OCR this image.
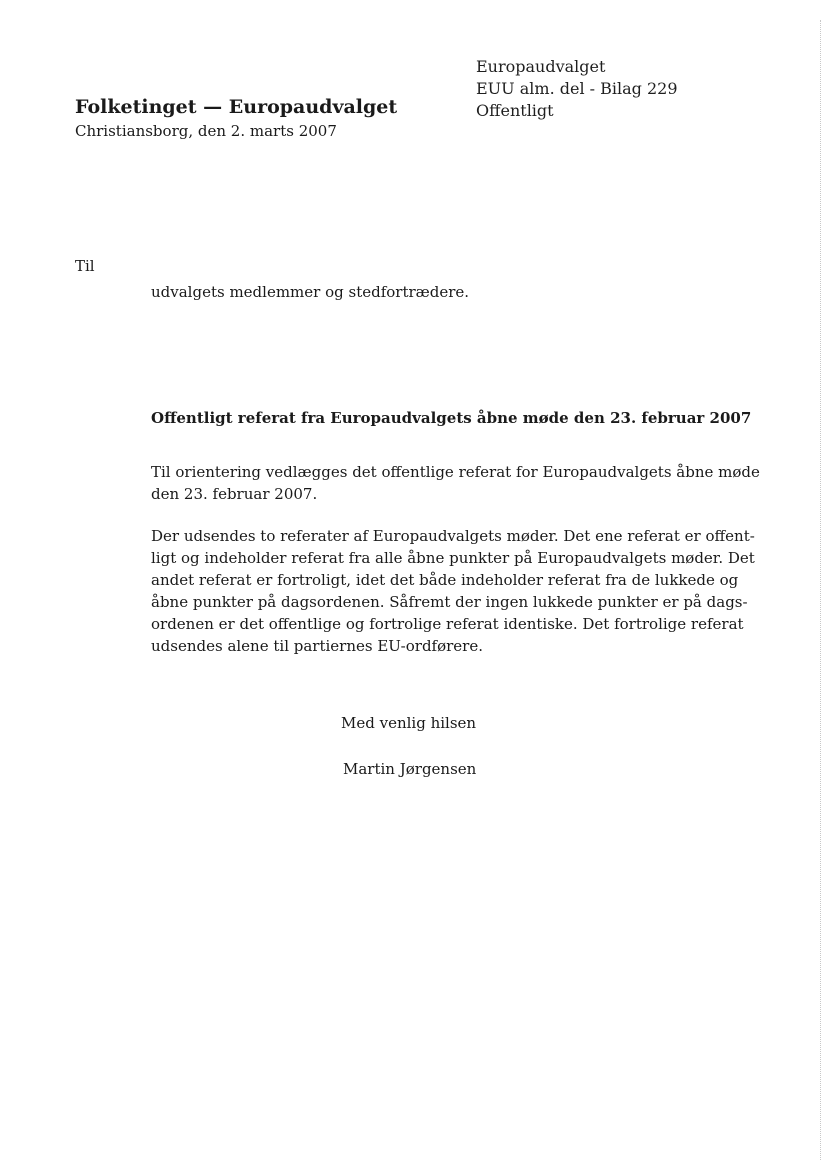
Europaudvalget
EUU alm. del - Bilag 229
Offentligt
Folketinget — Europaudvalget
Christiansborg, den 2. marts 2007
Til
udvalgets medlemmer og stedfortrædere.
Offentligt referat fra Europaudvalgets åbne møde den 23. februar 2007
Til orientering vedlægges det offentlige referat for Europaudvalgets åbne møde
den 23. februar 2007.
Der udsendes to referater af Europaudvalgets møder. Det ene referat er offent-
ligt og indeholder referat fra alle åbne punkter på Europaudvalgets møder. Det
andet referat er fortroligt, idet det både indeholder referat fra de lukkede og
åbne punkter på dagsordenen. Såfremt der ingen lukkede punkter er på dags-
ordenen er det offentlige og fortrolige referat identiske. Det fortrolige referat
udsendes alene til partiernes EU-ordførere.
Med venlig hilsen
Martin Jørgensen
